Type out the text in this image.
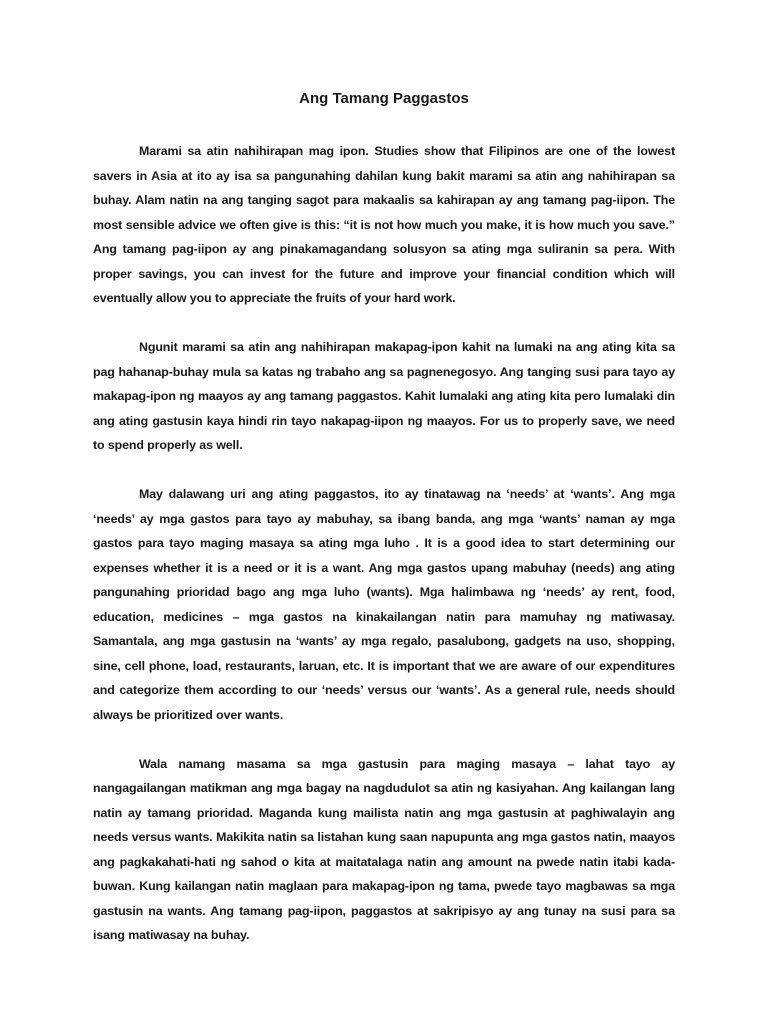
Ang Tamang Paggastos

Marami sa atin nahihirapan mag ipon. Studies show that Filipinos are one of the lowest savers in Asia at ito ay isa sa pangunahing dahilan kung bakit marami sa atin ang nahihirapan sa buhay. Alam natin na ang tanging sagot para makaalis sa kahirapan ay ang tamang pag-iipon. The most sensible advice we often give is this: “it is not how much you make, it is how much you save.” Ang tamang pag-iipon ay ang pinakamagandang solusyon sa ating mga suliranin sa pera. With proper savings, you can invest for the future and improve your financial condition which will eventually allow you to appreciate the fruits of your hard work.

Ngunit marami sa atin ang nahihirapan makapag-ipon kahit na lumaki na ang ating kita sa pag hahanap-buhay mula sa katas ng trabaho ang sa pagnenegosyo. Ang tanging susi para tayo ay makapag-ipon ng maayos ay ang tamang paggastos. Kahit lumalaki ang ating kita pero lumalaki din ang ating gastusin kaya hindi rin tayo nakapag-iipon ng maayos. For us to properly save, we need to spend properly as well.

May dalawang uri ang ating paggastos, ito ay tinatawag na ‘needs’ at ‘wants’. Ang mga ‘needs’ ay mga gastos para tayo ay mabuhay, sa ibang banda, ang mga ‘wants’ naman ay mga gastos para tayo maging masaya sa ating mga luho . It is a good idea to start determining our expenses whether it is a need or it is a want. Ang mga gastos upang mabuhay (needs) ang ating pangunahing prioridad bago ang mga luho (wants). Mga halimbawa ng ‘needs’ ay rent, food, education, medicines – mga gastos na kinakailangan natin para mamuhay ng matiwasay. Samantala, ang mga gastusin na ‘wants’ ay mga regalo, pasalubong, gadgets na uso, shopping, sine, cell phone, load, restaurants, laruan, etc. It is important that we are aware of our expenditures and categorize them according to our ‘needs’ versus our ‘wants’. As a general rule, needs should always be prioritized over wants.

Wala namang masama sa mga gastusin para maging masaya – lahat tayo ay nangagailangan matikman ang mga bagay na nagdudulot sa atin ng kasiyahan. Ang kailangan lang natin ay tamang prioridad. Maganda kung mailista natin ang mga gastusin at paghiwalayin ang needs versus wants. Makikita natin sa listahan kung saan napupunta ang mga gastos natin, maayos ang pagkakahati-hati ng sahod o kita at maitatalaga natin ang amount na pwede natin itabi kada-buwan. Kung kailangan natin maglaan para makapag-ipon ng tama, pwede tayo magbawas sa mga gastusin na wants. Ang tamang pag-iipon, paggastos at sakripisyo ay ang tunay na susi para sa isang matiwasay na buhay.
